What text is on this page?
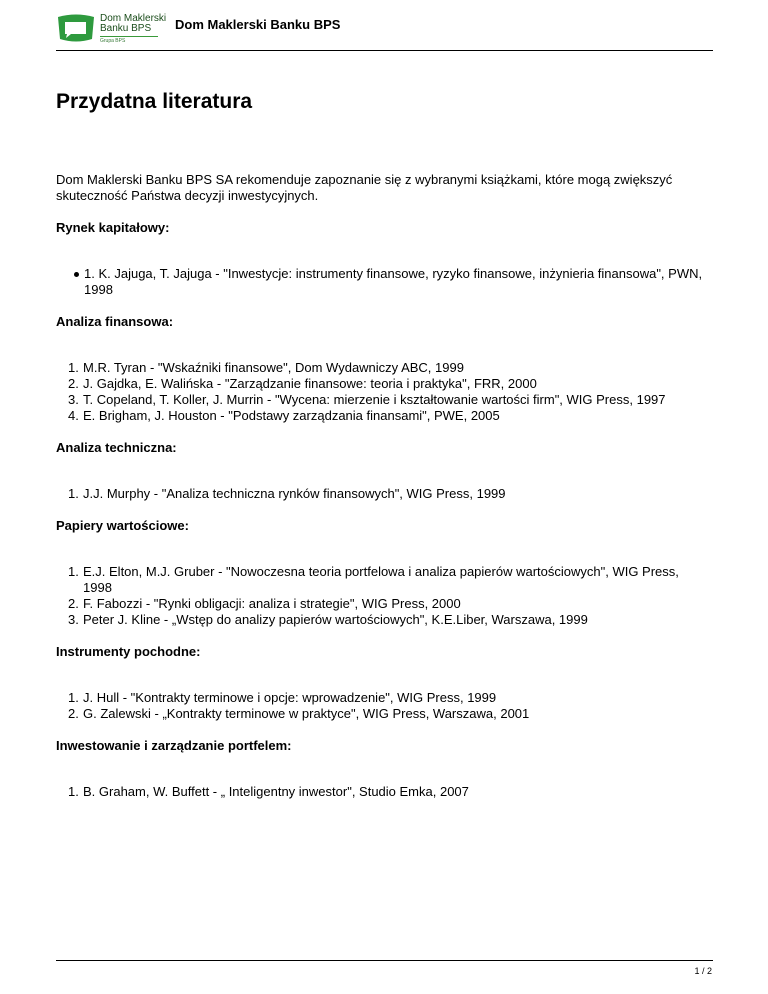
Dom Maklerski
Banku BPS
Grupa BPS
Dom Maklerski Banku BPS
Przydatna literatura

Dom Maklerski Banku BPS SA rekomenduje zapoznanie się z wybranymi książkami, które mogą zwiększyć skuteczność Państwa decyzji inwestycyjnych.

Rynek kapitałowy:
1. K. Jajuga, T. Jajuga - "Inwestycje: instrumenty finansowe, ryzyko finansowe, inżynieria finansowa", PWN, 1998
Analiza finansowa:
1. M.R. Tyran - "Wskaźniki finansowe", Dom Wydawniczy ABC, 1999
2. J. Gajdka, E. Walińska - "Zarządzanie finansowe: teoria i praktyka", FRR, 2000
3. T. Copeland, T. Koller, J. Murrin - "Wycena: mierzenie i kształtowanie wartości firm", WIG Press, 1997
4. E. Brigham, J. Houston - "Podstawy zarządzania finansami", PWE, 2005
Analiza techniczna:
1. J.J. Murphy - "Analiza techniczna rynków finansowych", WIG Press, 1999
Papiery wartościowe:
1. E.J. Elton, M.J. Gruber - "Nowoczesna teoria portfelowa i analiza papierów wartościowych", WIG Press, 1998
2. F. Fabozzi - "Rynki obligacji: analiza i strategie", WIG Press, 2000
3. Peter J. Kline - „Wstęp do analizy papierów wartościowych", K.E.Liber, Warszawa, 1999
Instrumenty pochodne:
1. J. Hull - "Kontrakty terminowe i opcje: wprowadzenie", WIG Press, 1999
2. G. Zalewski - „Kontrakty terminowe w praktyce", WIG Press, Warszawa, 2001
Inwestowanie i zarządzanie portfelem:
1. B. Graham, W. Buffett - „ Inteligentny inwestor", Studio Emka, 2007
1 / 2
